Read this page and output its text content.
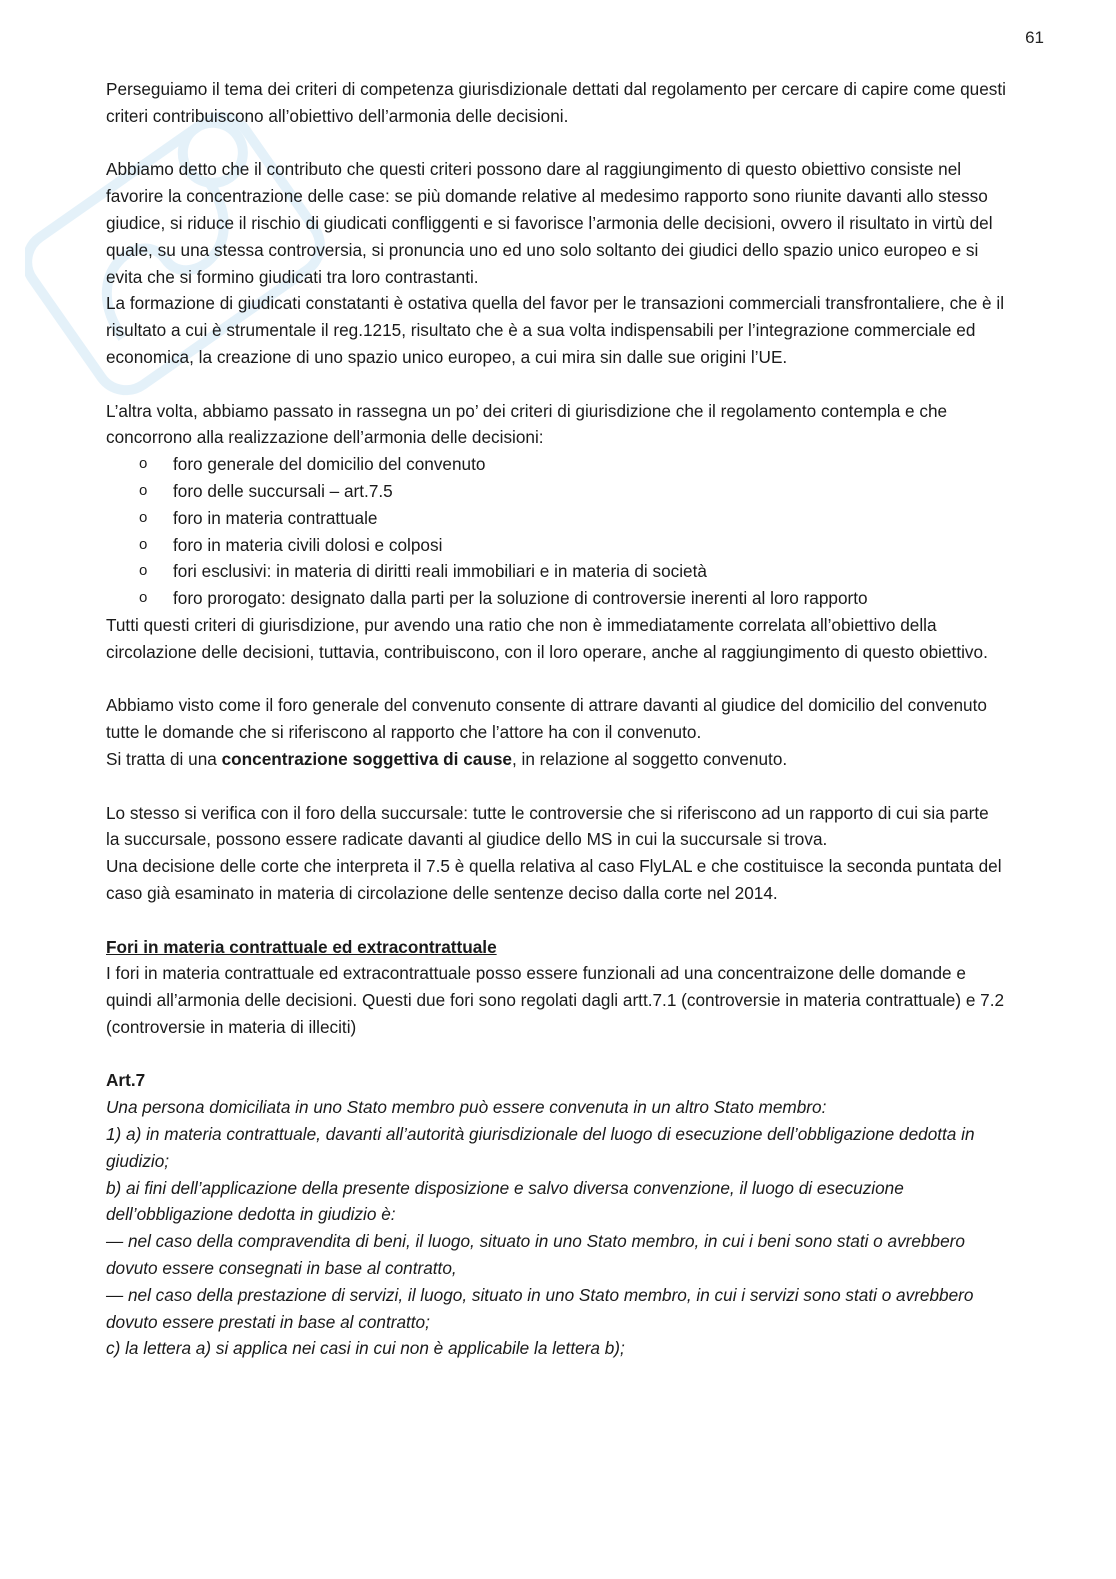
61

Perseguiamo il tema dei criteri di competenza giurisdizionale dettati dal regolamento per cercare di capire come questi criteri contribuiscono all’obiettivo dell’armonia delle decisioni.

Abbiamo detto che il contributo che questi criteri possono dare al raggiungimento di questo obiettivo consiste nel favorire la concentrazione delle case: se più domande relative al medesimo rapporto sono riunite davanti allo stesso giudice, si riduce il rischio di giudicati confliggenti e si favorisce l’armonia delle decisioni, ovvero il risultato in virtù del quale, su una stessa controversia, si pronuncia uno ed uno solo soltanto dei giudici dello spazio unico europeo e si evita che si formino giudicati tra loro contrastanti.

La formazione di giudicati constatanti è ostativa quella del favor per le transazioni commerciali transfrontaliere, che è il risultato a cui è strumentale il reg.1215, risultato che è a sua volta indispensabili per l’integrazione commerciale ed economica, la creazione di uno spazio unico europeo, a cui mira sin dalle sue origini l’UE.

L’altra volta, abbiamo passato in rassegna un po’ dei criteri di giurisdizione che il regolamento contempla e che concorrono alla realizzazione dell’armonia delle decisioni:

o foro generale del domicilio del convenuto
o foro delle succursali – art.7.5
o foro in materia contrattuale
o foro in materia civili dolosi e colposi
o fori esclusivi: in materia di diritti reali immobiliari e in materia di società
o foro prorogato: designato dalla parti per la soluzione di controversie inerenti al loro rapporto

Tutti questi criteri di giurisdizione, pur avendo una ratio che non è immediatamente correlata all’obiettivo della circolazione delle decisioni, tuttavia, contribuiscono, con il loro operare, anche al raggiungimento di questo obiettivo.

Abbiamo visto come il foro generale del convenuto consente di attrare davanti al giudice del domicilio del convenuto tutte le domande che si riferiscono al rapporto che l’attore ha con il convenuto.

Si tratta di una concentrazione soggettiva di cause, in relazione al soggetto convenuto.

Lo stesso si verifica con il foro della succursale: tutte le controversie che si riferiscono ad un rapporto di cui sia parte la succursale, possono essere radicate davanti al giudice dello MS in cui la succursale si trova.

Una decisione delle corte che interpreta il 7.5 è quella relativa al caso FlyLAL e che costituisce la seconda puntata del caso già esaminato in materia di circolazione delle sentenze deciso dalla corte nel 2014.

Fori in materia contrattuale ed extracontrattuale

I fori in materia contrattuale ed extracontrattuale posso essere funzionali ad una concentraizone delle domande e quindi all’armonia delle decisioni. Questi due fori sono regolati dagli artt.7.1 (controversie in materia contrattuale) e 7.2 (controversie in materia di illeciti)

Art.7

Una persona domiciliata in uno Stato membro può essere convenuta in un altro Stato membro:

1) a) in materia contrattuale, davanti all’autorità giurisdizionale del luogo di esecuzione dell’obbligazione dedotta in giudizio;

b) ai fini dell’applicazione della presente disposizione e salvo diversa convenzione, il luogo di esecuzione dell’obbligazione dedotta in giudizio è:

— nel caso della compravendita di beni, il luogo, situato in uno Stato membro, in cui i beni sono stati o avrebbero dovuto essere consegnati in base al contratto,

— nel caso della prestazione di servizi, il luogo, situato in uno Stato membro, in cui i servizi sono stati o avrebbero dovuto essere prestati in base al contratto;

c) la lettera a) si applica nei casi in cui non è applicabile la lettera b);
